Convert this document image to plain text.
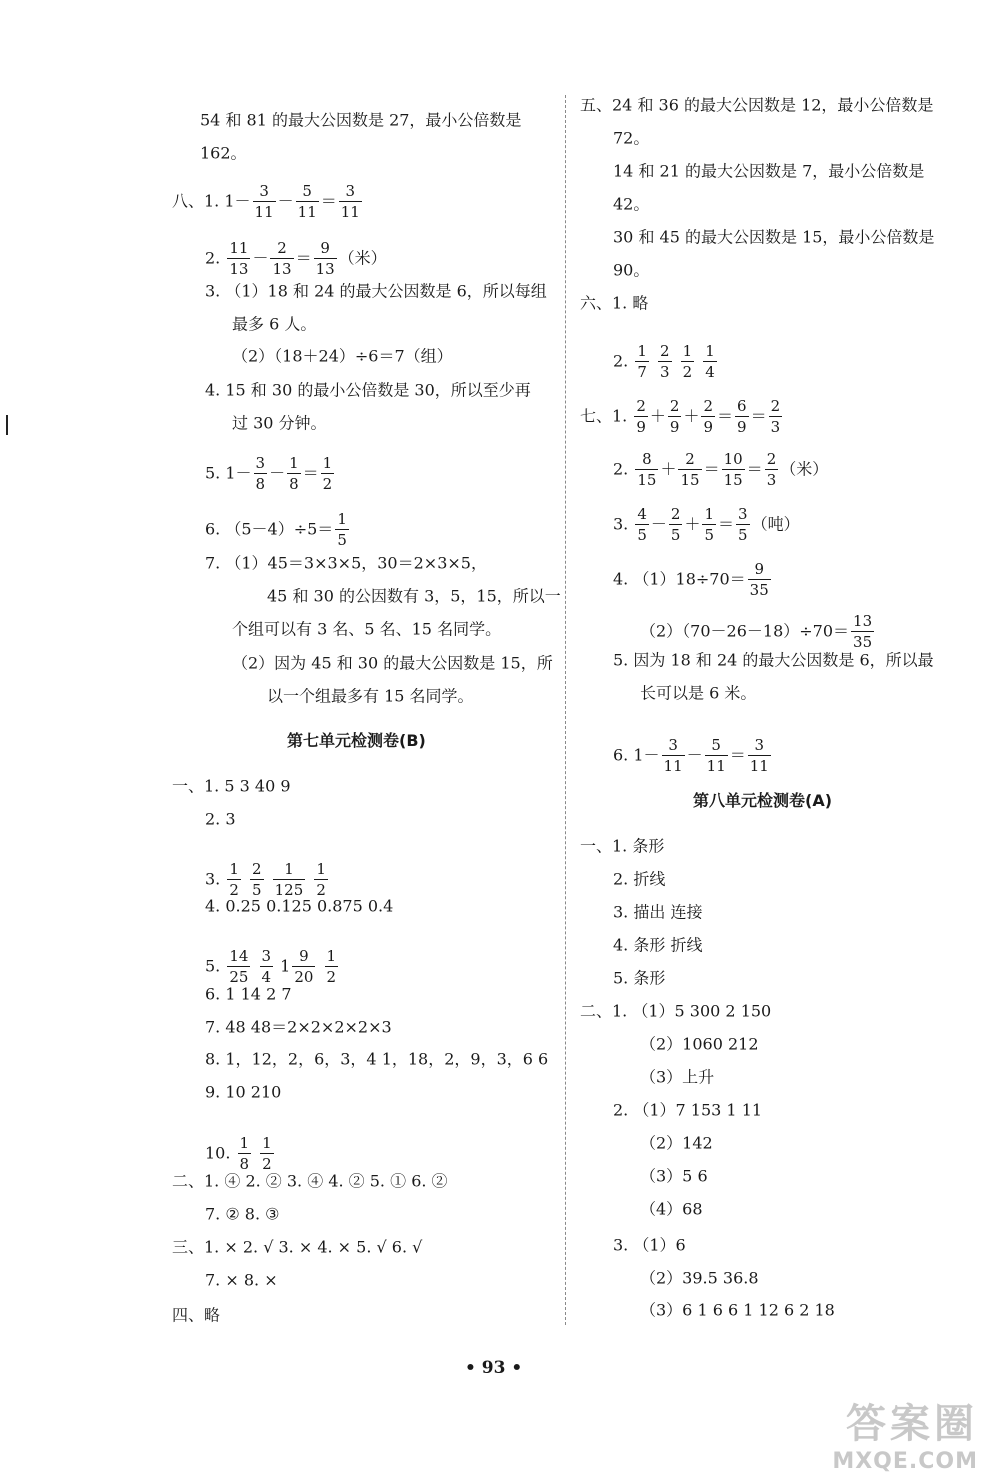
54 和 81 的最大公因数是 27，最小公倍数是
162。
八、1. $1- \frac{3}{11} - \frac{5}{11} = \frac{3}{11}$
2. $\frac{11}{13} - \frac{2}{13} = \frac{9}{13}$ （米）
3. （1）18 和 24 的最大公因数是 6，所以每组
最多 6 人。
（2）（18＋24）÷6＝7（组）
4. 15 和 30 的最小公倍数是 30，所以至少再
过 30 分钟。
5. $1- \frac{3}{8} - \frac{1}{8} = \frac{1}{2}$
6. $(5-4)\div 5= \frac{1}{5}$
7. （1）45＝3×3×5，30＝2×3×5，
45 和 30 的公因数有 3，5，15，所以一
个组可以有 3 名、5 名、15 名同学。
（2）因为 45 和 30 的最大公因数是 15，所
以一个组最多有 15 名同学。
一、1. 5 3 40 9
2. 3
3. $\frac{1}{2}$
$\frac{2}{5}$
$\frac{1}{125}$
$\frac{1}{2}$
4. 0.25 0.125 0.875 0.4
5. $\frac{14}{25}$
$\frac{3}{4} 1 \frac{9}{20}$
$\frac{1}{2}$
6. 1 14 2 7
7. 48 48＝2×2×2×2×3
8. 1，12，2，6，3，4 1，18，2，9，3，6 6
9. 10 210
10. $\frac{1}{8}$
$\frac{1}{2}$
二、1. ④ 2. ② 3. ④ 4. ② 5. ① 6. ②
7. ② 8. ③
三、1. × 2. √ 3. × 4. × 5. √ 6. √
7. × 8. ×
四、略
五、24 和 36 的最大公因数是 12，最小公倍数是
72。
14 和 21 的最大公因数是 7，最小公倍数是
42。
30 和 45 的最大公因数是 15，最小公倍数是
90。
六、1. 略
2. $\frac{1}{7}$
$\frac{2}{3}$
$\frac{1}{2}$
$\frac{1}{4}$
七、1. $\frac{2}{9} + \frac{2}{9} + \frac{2}{9} = \frac{6}{9} = \frac{2}{3}$
2. $\frac{8}{15} + \frac{2}{15} = \frac{10}{15} = \frac{2}{3}$ （米）
3. $\frac{4}{5} - \frac{2}{5} + \frac{1}{5} = \frac{3}{5}$ （吨）
4. $(1)18\div 70= \frac{9}{35}$
$(2)(70-26-18)\div 70= \frac{13}{35}$
5. 因为 18 和 24 的最大公因数是 6，所以最
长可以是 6 米。
6. $1- \frac{3}{11} - \frac{5}{11} = \frac{3}{11}$
一、1. 条形
2. 折线
3. 描出 连接
4. 条形 折线
5. 条形
二、1. （1）5 300 2 150
（2）1060 212
（3）上升
2. （1）7 153 1 11
（2）142
（3）5 6
（4）68
3. （1）6
（2）39.5 36.8
（3）6 1 6 6 1 12 6 2 18
第七单元检测卷(B)
第八单元检测卷(A)
• 93 •
答案圈
MXQE.COM
